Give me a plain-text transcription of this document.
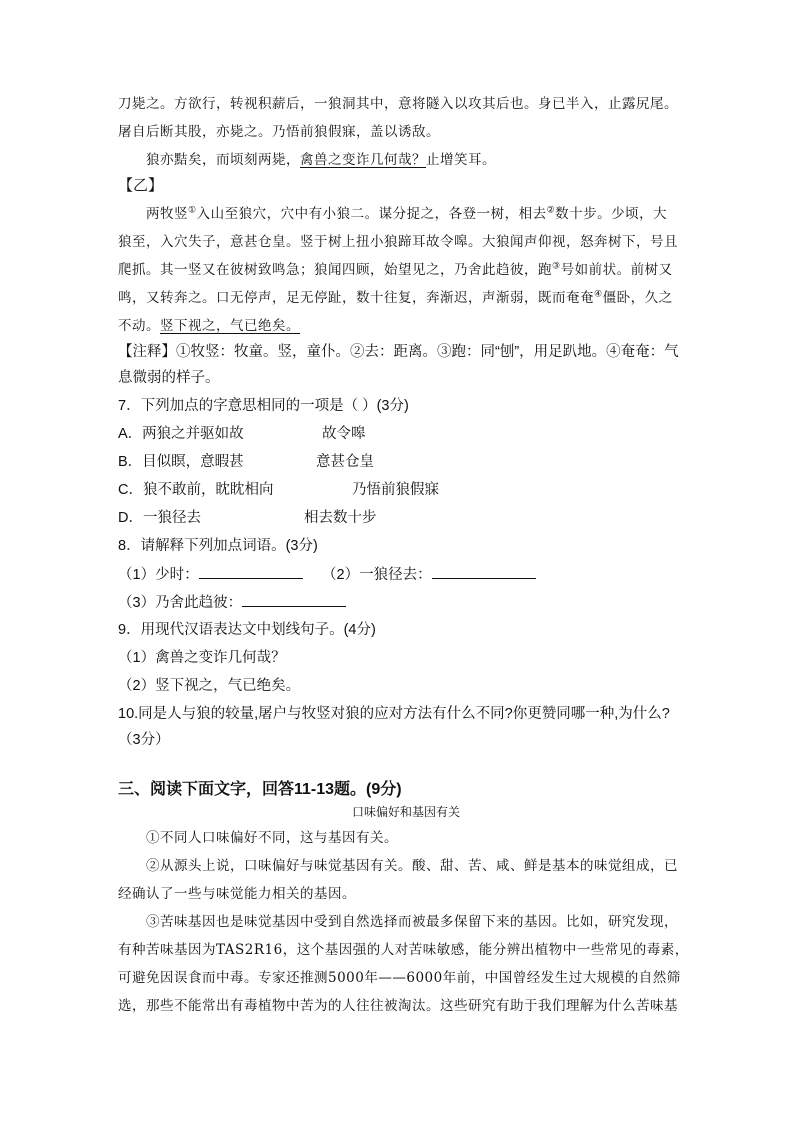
刀毙之。方欲行，转视积薪后，一狼洞其中，意将隧入以攻其后也。身已半入，止露尻尾。
屠自后断其股，亦毙之。乃悟前狼假寐，盖以诱敌。
狼亦黠矣，而顷刻两毙，禽兽之变诈几何哉？止增笑耳。
【乙】
两牧竖①入山至狼穴，穴中有小狼二。谋分捉之，各登一树，相去②数十步。少顷，大
狼至，入穴失子，意甚仓皇。竖于树上扭小狼蹄耳故令嗥。大狼闻声仰视，怒奔树下，号且
爬抓。其一竖又在彼树致鸣急；狼闻四顾，始望见之，乃舍此趋彼，跑③号如前状。前树又
鸣，又转奔之。口无停声，足无停趾，数十往复，奔渐迟，声渐弱，既而奄奄④僵卧，久之
不动。竖下视之，气已绝矣。
【注释】①牧竖：牧童。竖，童仆。②去：距离。③跑：同“刨”，用足趴地。④奄奄：气
息微弱的样子。
7．下列加点的字意思相同的一项是（ ）(3分)
A．两狼之并驱如故	故令嗥
B．目似瞑，意暇甚	意甚仓皇
C．狼不敢前，眈眈相向	乃悟前狼假寐
D．一狼径去	相去数十步
8．请解释下列加点词语。(3分)
（1）少时：	（2）一狼径去：
（3）乃舍此趋彼：
9．用现代汉语表达文中划线句子。(4分)
（1）禽兽之变诈几何哉？
（2）竖下视之，气已绝矣。
10.同是人与狼的较量,屠户与牧竖对狼的应对方法有什么不同?你更赞同哪一种,为什么?
（3分）
三、阅读下面文字，回答11-13题。(9分)
口味偏好和基因有关
①不同人口味偏好不同，这与基因有关。
②从源头上说，口味偏好与味觉基因有关。酸、甜、苦、咸、鲜是基本的味觉组成，已
经确认了一些与味觉能力相关的基因。
③苦味基因也是味觉基因中受到自然选择而被最多保留下来的基因。比如，研究发现，
有种苦味基因为TAS2R16，这个基因强的人对苦味敏感，能分辨出植物中一些常见的毒素，
可避免因误食而中毒。专家还推测5000年——6000年前，中国曾经发生过大规模的自然筛
选，那些不能常出有毒植物中苦为的人往往被淘汰。这些研究有助于我们理解为什么苦味基
